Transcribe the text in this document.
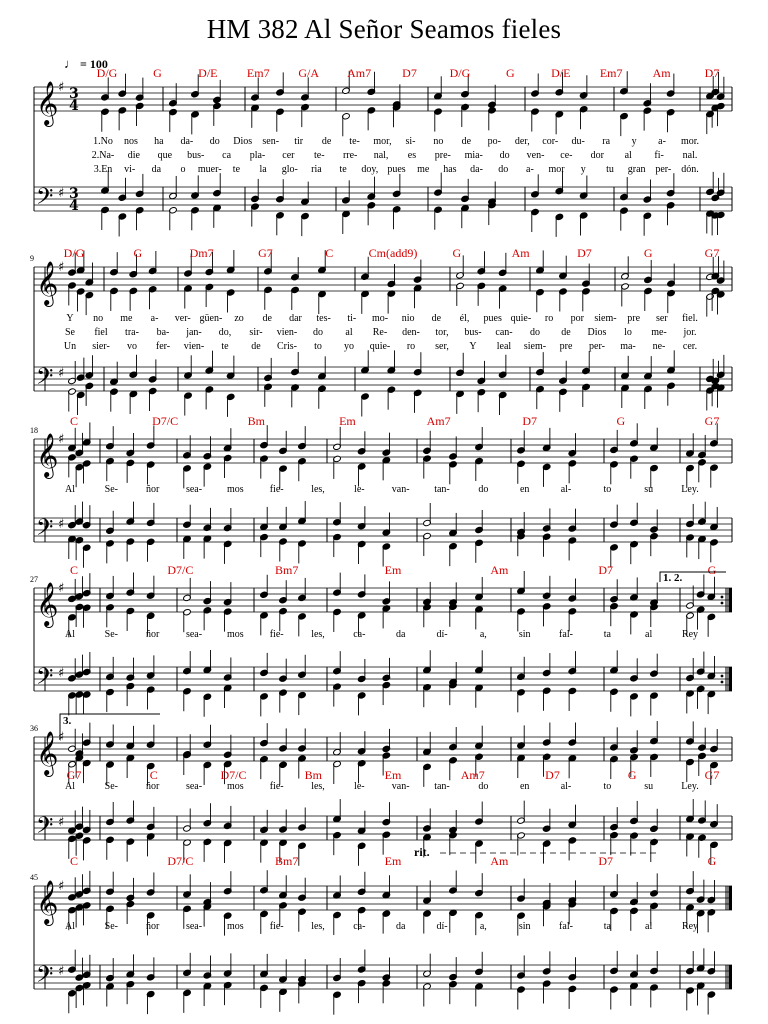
HM 382 Al Señor Seamos fieles
♩ = 100
𝄞 ♯
𝄢 ♯
3
4
3
4
D/G	G	D/E Em7 G/A Am7	D7	D/G	G	D/E Em7	Am	D7
1.No nos ha da- do Dios sen- tir de te- mor, si- no de po- der, cor- du- ra y a- mor.
2.Na- die que bus- ca pla- cer te- rre- nal, es pre- mia- do ven- ce- dor al fi- nal.
3.En vi- da o muer- te la glo- ria te doy, pues me has da- do a- mor y tu gran per- dón.
𝄞 ♯
𝄢 ♯
9 D/G	G	Dm7	G7	C	Cm(add9)	G	Am	D7	G	G7
Y no me a- ver- güen- zo de dar tes- ti- mo- nio de él, pues quie- ro por siem- pre ser fiel.
Se fiel tra- ba- jan- do, sir- vien- do al Re- den- tor, bus- can- do de Dios lo me- jor.
Un sier- vo fer- vien- te de Cris- to yo quie- ro ser, Y leal siem- pre per- ma- ne- cer.
𝄞 ♯
𝄢 ♯
18
C	D7/C	Bm	Em	Am7	D7	G	G7
Al	Se-	ñor	sea- mos	fie-	les,	le-	van- tan-	do	en	al-	to	su	Ley.
𝄞 ♯
𝄢 ♯
27
C	D7/C	Bm7	Em	Am	D7	G
Al	Se-	ñor	sea- mos	fie-	les,	ca-	da	dí-	a,	sin	fal-	ta	al	Rey
𝄞 ♯
𝄢 ♯
36
G7	C	D7/C	Bm	Em	Am7	D7	G	G7
Al	Se-	ñor	sea- mos	fie-	les,	le-	van- tan-	do	en	al-	to	su	Ley.
𝄞 ♯
𝄢 ♯
45
C	D7/C	Bm7	Em	Am	D7	G
Al	Se-	ñor	sea- mos	fie-	les,	ca-	da	dí-	a,	sin	fal-	ta	al	Rey
1. 2.
3.
rit.
